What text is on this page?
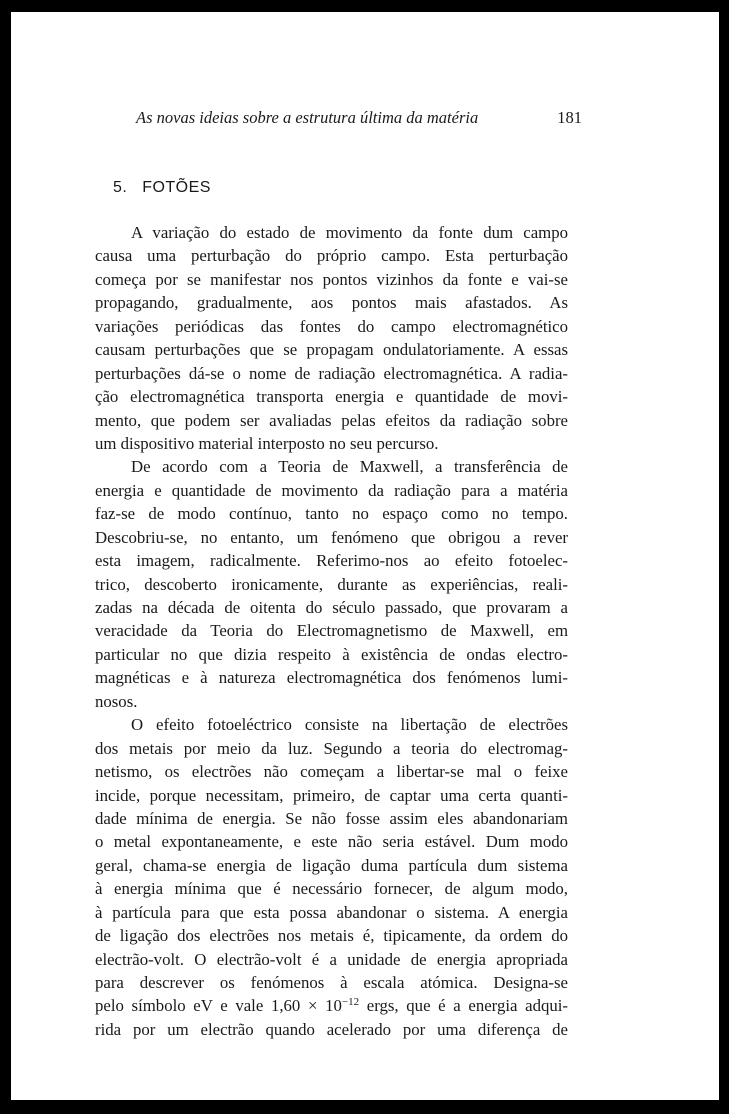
As novas ideias sobre a estrutura última da matéria	181
5. FOTÕES
A variação do estado de movimento da fonte dum campo
causa uma perturbação do próprio campo. Esta perturbação
começa por se manifestar nos pontos vizinhos da fonte e vai-se
propagando, gradualmente, aos pontos mais afastados. As
variações periódicas das fontes do campo electromagnético
causam perturbações que se propagam ondulatoriamente. A essas
perturbações dá-se o nome de radiação electromagnética. A radia-
ção electromagnética transporta energia e quantidade de movi-
mento, que podem ser avaliadas pelas efeitos da radiação sobre
um dispositivo material interposto no seu percurso.
De acordo com a Teoria de Maxwell, a transferência de
energia e quantidade de movimento da radiação para a matéria
faz-se de modo contínuo, tanto no espaço como no tempo.
Descobriu-se, no entanto, um fenómeno que obrigou a rever
esta imagem, radicalmente. Referimo-nos ao efeito fotoelec-
trico, descoberto ironicamente, durante as experiências, reali-
zadas na década de oitenta do século passado, que provaram a
veracidade da Teoria do Electromagnetismo de Maxwell, em
particular no que dizia respeito à existência de ondas electro-
magnéticas e à natureza electromagnética dos fenómenos lumi-
nosos.
O efeito fotoeléctrico consiste na libertação de electrões
dos metais por meio da luz. Segundo a teoria do electromag-
netismo, os electrões não começam a libertar-se mal o feixe
incide, porque necessitam, primeiro, de captar uma certa quanti-
dade mínima de energia. Se não fosse assim eles abandonariam
o metal expontaneamente, e este não seria estável. Dum modo
geral, chama-se energia de ligação duma partícula dum sistema
à energia mínima que é necessário fornecer, de algum modo,
à partícula para que esta possa abandonar o sistema. A energia
de ligação dos electrões nos metais é, tipicamente, da ordem do
electrão-volt. O electrão-volt é a unidade de energia apropriada
para descrever os fenómenos à escala atómica. Designa-se
pelo símbolo eV e vale $1,60 \times 10^{-12}$ ergs, que é a energia adqui-
rida por um electrão quando acelerado por uma diferença de
